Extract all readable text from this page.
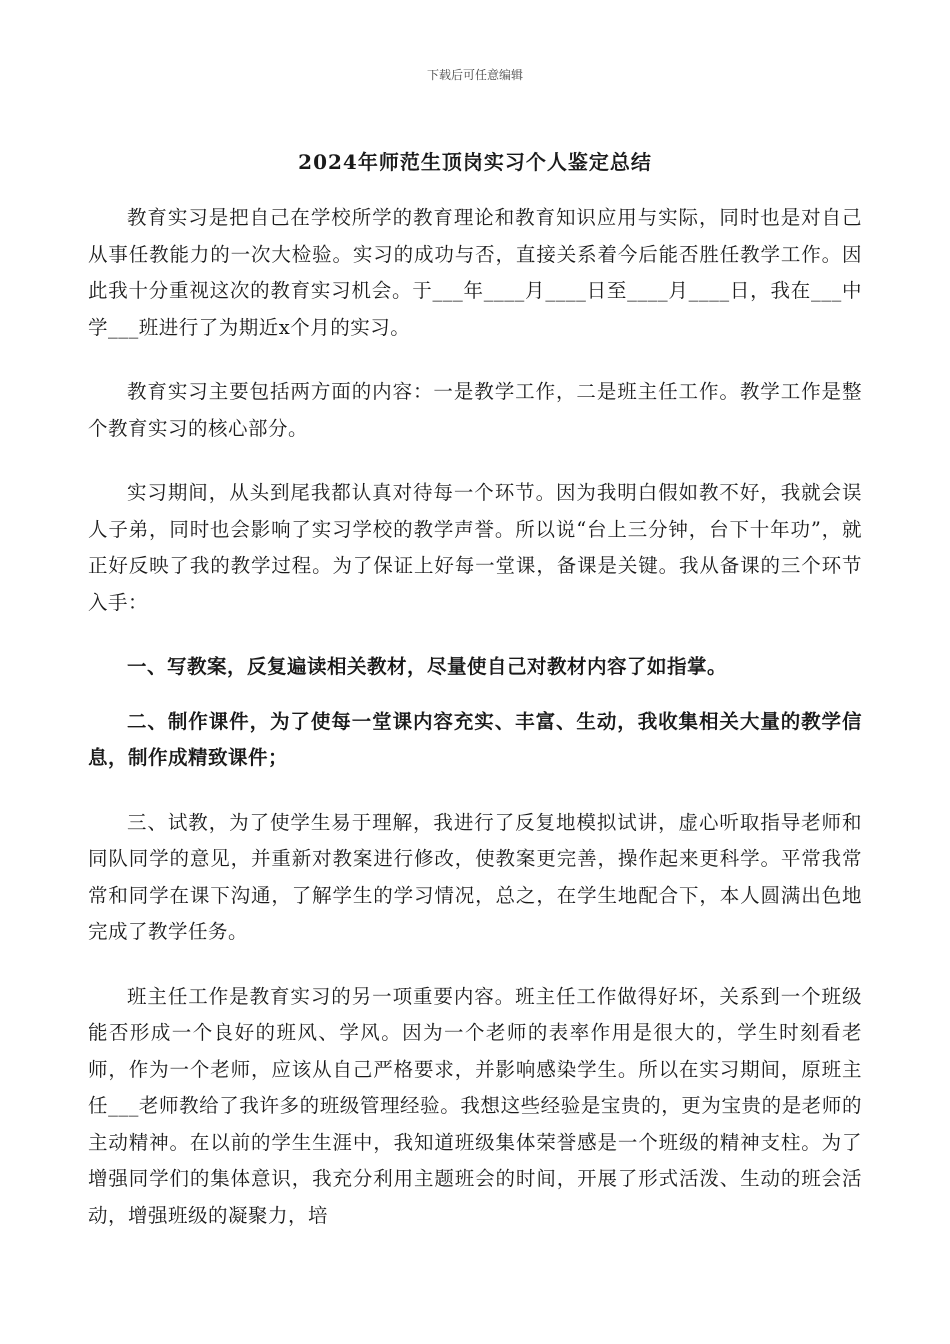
下载后可任意编辑
2024年师范生顶岗实习个人鉴定总结

教育实习是把自己在学校所学的教育理论和教育知识应用与实际，同时也是对自己从事任教能力的一次大检验。实习的成功与否，直接关系着今后能否胜任教学工作。因此我十分重视这次的教育实习机会。于___年____月____日至____月____日，我在___中学___班进行了为期近x个月的实习。

教育实习主要包括两方面的内容：一是教学工作，二是班主任工作。教学工作是整个教育实习的核心部分。

实习期间，从头到尾我都认真对待每一个环节。因为我明白假如教不好，我就会误人子弟，同时也会影响了实习学校的教学声誉。所以说“台上三分钟，台下十年功”，就正好反映了我的教学过程。为了保证上好每一堂课，备课是关键。我从备课的三个环节入手：

一、写教案，反复遍读相关教材，尽量使自己对教材内容了如指掌。

二、制作课件，为了使每一堂课内容充实、丰富、生动，我收集相关大量的教学信息，制作成精致课件；

三、试教，为了使学生易于理解，我进行了反复地模拟试讲，虚心听取指导老师和同队同学的意见，并重新对教案进行修改，使教案更完善，操作起来更科学。平常我常常和同学在课下沟通，了解学生的学习情况，总之，在学生地配合下，本人圆满出色地完成了教学任务。

班主任工作是教育实习的另一项重要内容。班主任工作做得好坏，关系到一个班级能否形成一个良好的班风、学风。因为一个老师的表率作用是很大的，学生时刻看老师，作为一个老师，应该从自己严格要求，并影响感染学生。所以在实习期间，原班主任___老师教给了我许多的班级管理经验。我想这些经验是宝贵的，更为宝贵的是老师的主动精神。在以前的学生生涯中，我知道班级集体荣誉感是一个班级的精神支柱。为了增强同学们的集体意识，我充分利用主题班会的时间，开展了形式活泼、生动的班会活动，增强班级的凝聚力，培
